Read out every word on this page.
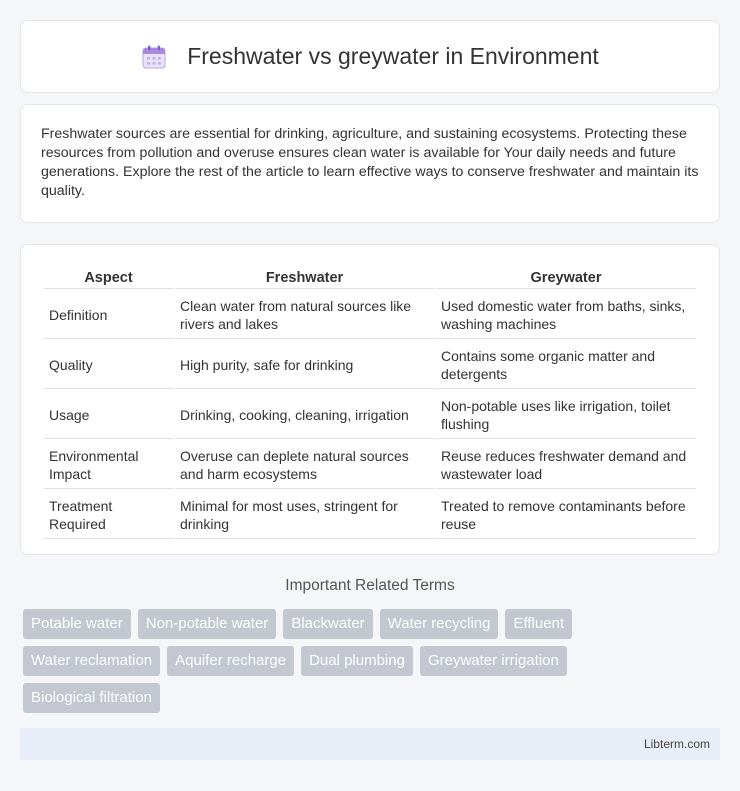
Freshwater vs greywater in Environment

Freshwater sources are essential for drinking, agriculture, and sustaining ecosystems. Protecting these resources from pollution and overuse ensures clean water is available for Your daily needs and future generations. Explore the rest of the article to learn effective ways to conserve freshwater and maintain its quality.

Aspect	Freshwater	Greywater
Definition	Clean water from natural sources like rivers and lakes	Used domestic water from baths, sinks, washing machines
Quality	High purity, safe for drinking	Contains some organic matter and detergents
Usage	Drinking, cooking, cleaning, irrigation	Non-potable uses like irrigation, toilet flushing
Environmental Impact	Overuse can deplete natural sources and harm ecosystems	Reuse reduces freshwater demand and wastewater load
Treatment Required	Minimal for most uses, stringent for drinking	Treated to remove contaminants before reuse
Important Related Terms
Potable water	Non-potable water	Blackwater	Water recycling	Effluent
Water reclamation	Aquifer recharge	Dual plumbing	Greywater irrigation
Biological filtration
Libterm.com
